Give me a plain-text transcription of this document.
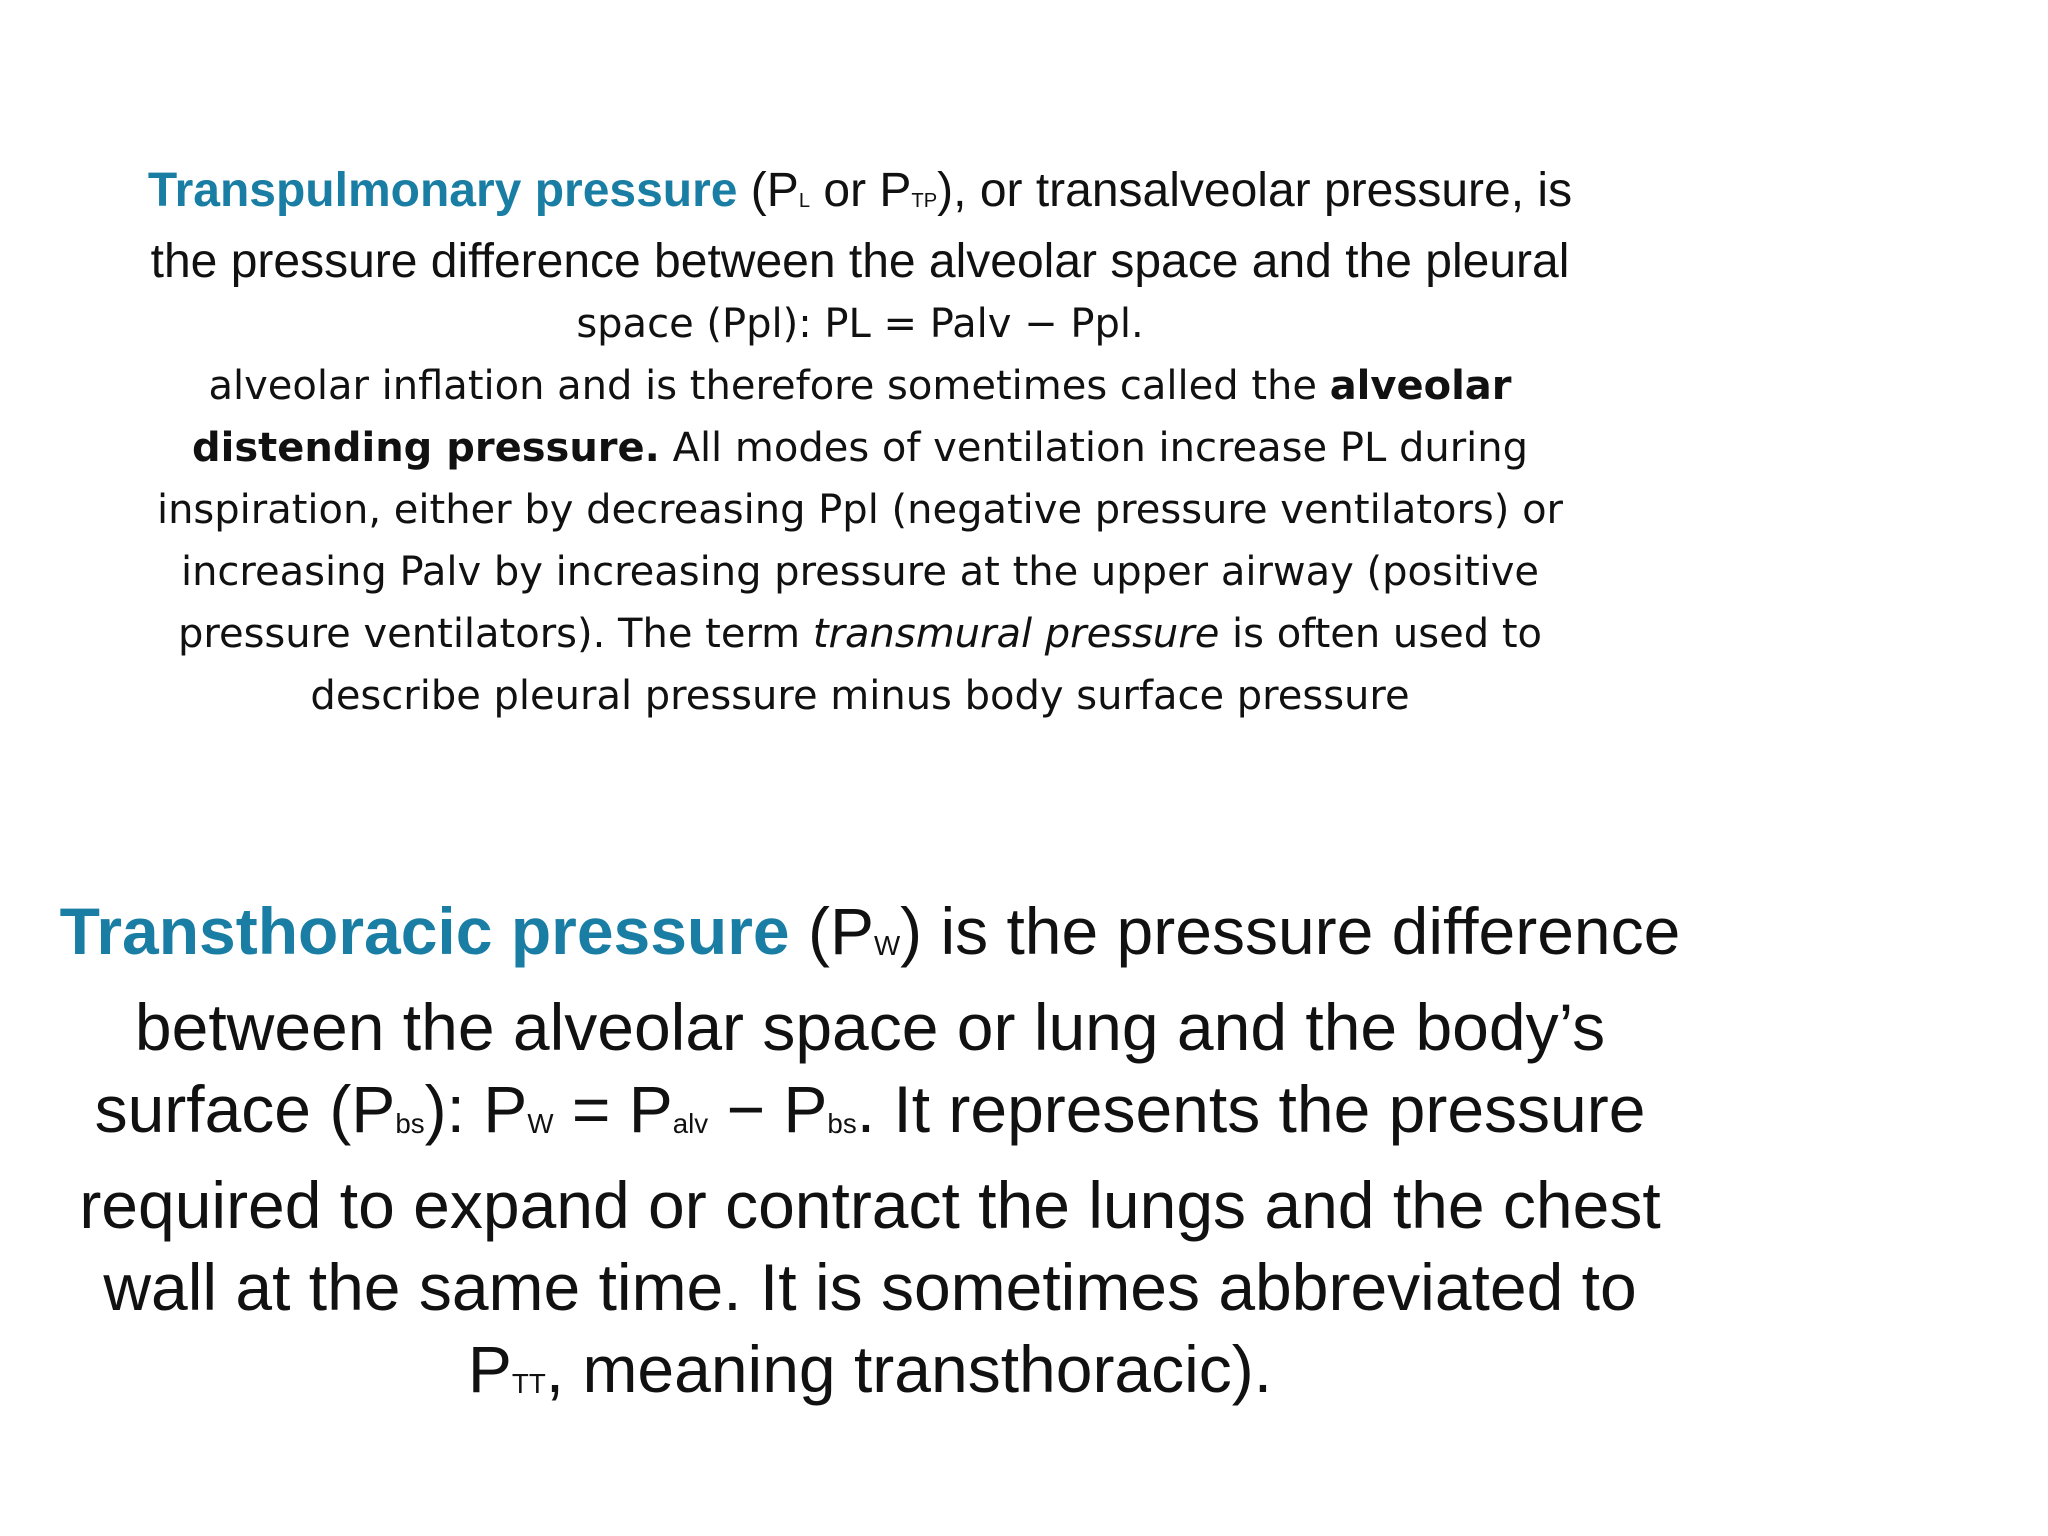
Transpulmonary pressure (PL or PTP), or transalveolar pressure, is
the pressure difference between the alveolar space and the pleural
space (Ppl): PL = Palv − Ppl.
alveolar inflation and is therefore sometimes called the alveolar
distending pressure. All modes of ventilation increase PL during
inspiration, either by decreasing Ppl (negative pressure ventilators) or
increasing Palv by increasing pressure at the upper airway (positive
pressure ventilators). The term transmural pressure is often used to
describe pleural pressure minus body surface pressure
Transthoracic pressure (PW) is the pressure difference
between the alveolar space or lung and the body’s
surface (Pbs): PW = Palv − Pbs. It represents the pressure
required to expand or contract the lungs and the chest
wall at the same time. It is sometimes abbreviated to
PTT, meaning transthoracic).
